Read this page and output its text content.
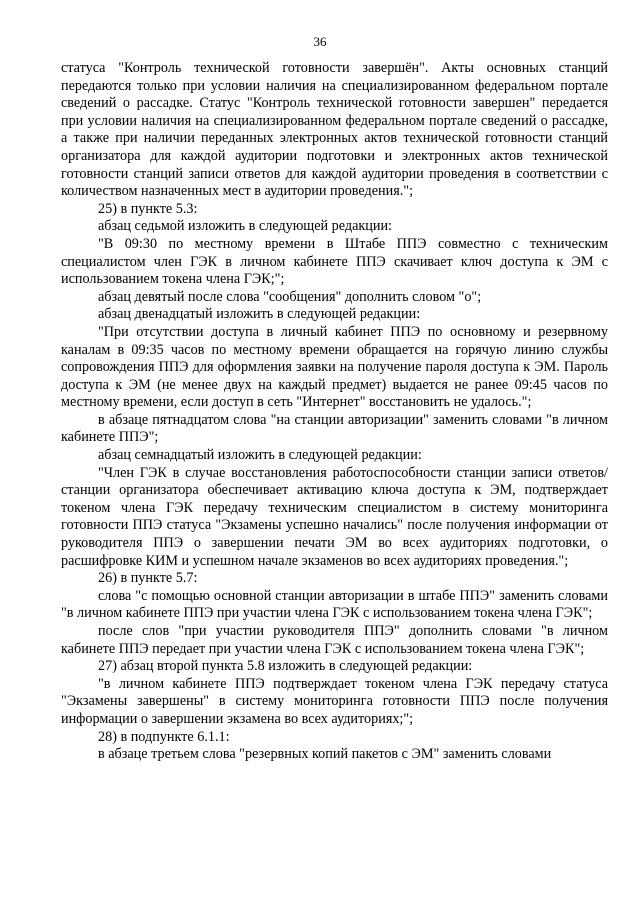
36

статуса "Контроль технической готовности завершён". Акты основных станций передаются только при условии наличия на специализированном федеральном портале сведений о рассадке. Статус "Контроль технической готовности завершен" передается при условии наличия на специализированном федеральном портале сведений о рассадке, а также при наличии переданных электронных актов технической готовности станций организатора для каждой аудитории подготовки и электронных актов технической готовности станций записи ответов для каждой аудитории проведения в соответствии с количеством назначенных мест в аудитории проведения.";

25) в пункте 5.3:

абзац седьмой изложить в следующей редакции:

"В 09:30 по местному времени в Штабе ППЭ совместно с техническим специалистом член ГЭК в личном кабинете ППЭ скачивает ключ доступа к ЭМ с использованием токена члена ГЭК;";

абзац девятый после слова "сообщения" дополнить словом "о";

абзац двенадцатый изложить в следующей редакции:

"При отсутствии доступа в личный кабинет ППЭ по основному и резервному каналам в 09:35 часов по местному времени обращается на горячую линию службы сопровождения ППЭ для оформления заявки на получение пароля доступа к ЭМ. Пароль доступа к ЭМ (не менее двух на каждый предмет) выдается не ранее 09:45 часов по местному времени, если доступ в сеть "Интернет" восстановить не удалось.";

в абзаце пятнадцатом слова "на станции авторизации" заменить словами "в личном кабинете ППЭ";

абзац семнадцатый изложить в следующей редакции:

"Член ГЭК в случае восстановления работоспособности станции записи ответов/станции организатора обеспечивает активацию ключа доступа к ЭМ, подтверждает токеном члена ГЭК передачу техническим специалистом в систему мониторинга готовности ППЭ статуса "Экзамены успешно начались" после получения информации от руководителя ППЭ о завершении печати ЭМ во всех аудиториях подготовки, о расшифровке КИМ и успешном начале экзаменов во всех аудиториях проведения.";

26) в пункте 5.7:

слова "с помощью основной станции авторизации в штабе ППЭ" заменить словами "в личном кабинете ППЭ при участии члена ГЭК с использованием токена члена ГЭК";

после слов "при участии руководителя ППЭ" дополнить словами "в личном кабинете ППЭ передает при участии члена ГЭК с использованием токена члена ГЭК";

27) абзац второй пункта 5.8 изложить в следующей редакции:

"в личном кабинете ППЭ подтверждает токеном члена ГЭК передачу статуса "Экзамены завершены" в систему мониторинга готовности ППЭ после получения информации о завершении экзамена во всех аудиториях;";

28) в подпункте 6.1.1:

в абзаце третьем слова "резервных копий пакетов с ЭМ" заменить словами
